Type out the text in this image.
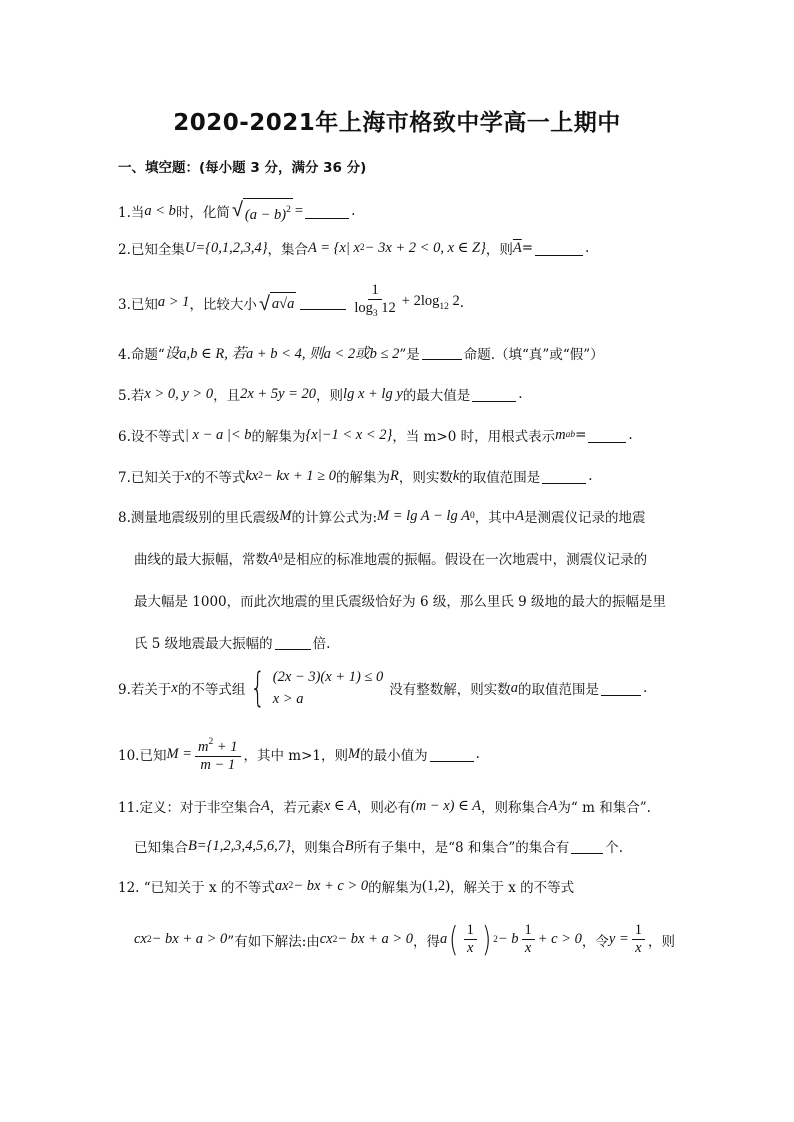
2020-2021年上海市格致中学高一上期中
一、填空题：(每小题 3 分，满分 36 分)
1.当 a < b 时，化简 √ $(a - b)^2$ =	.
2.已知全集 U={0,1,2,3,4} ，集合 A = {x| x 2 − 3x + 2 < 0, x ∈ Z} ，则 $\overline{A}$ =	.
3.已知 a > 1 ，比较大小 √ a√a	$\frac{1}{\log_3 12} + 2\log_{12}$ 2 .
4.命题“ 设a,b ∈ R, 若a + b < 4, 则a < 2或b ≤ 2 ”是	命题.（填“真”或“假”）
5.若 x > 0, y > 0 ，且 2x + 5y = 20 ，则 lg x + lg y 的最大值是	.
6.设不等式 | x − a |< b 的解集为 {x|−1 < x < 2} ，当 m>0 时，用根式表示 m ab =	.
7.已知关于 x 的不等式 kx 2 − kx + 1 ≥ 0 的解集为 R ，则实数 k 的取值范围是	.
8.测量地震级别的里氏震级 M 的计算公式为: M = lg A − lg A 0 ，其中 A 是测震仪记录的地震
曲线的最大振幅，常数 A 0 是相应的标准地震的振幅。假设在一次地震中，测震仪记录的
最大幅是 1000，而此次地震的里氏震级恰好为 6 级，那么里氏 9 级地的最大的振幅是里
氏 5 级地震最大振幅的	倍.
9.若关于 x 的不等式组 { (2x − 3)(x + 1) ≤ 0
x > a
没有整数解，则实数 a 的取值范围是	.
10.已知 $M = \frac{m^2 + 1}{m - 1}$ ，其中 m>1，则 M 的最小值为	.
11.定义：对于非空集合 A ，若元素 x ∈ A ，则必有 (m − x) ∈ A ，则称集合 A 为“ m 和集合”.
已知集合 B={1,2,3,4,5,6,7} ，则集合 B 所有子集中，是“8 和集合”的集合有	个.
12. “已知关于 x 的不等式 ax 2 − bx + c > 0 的解集为 (1,2) ，解关于 x 的不等式
cx 2 − bx + a > 0 ”有如下解法:由 cx 2 − bx + a > 0 ，得 a ( $\frac{1}{x}$ ) 2 − b $\frac{1}{x} + c > 0$ ，令 $y = \frac{1}{x}$ ，则
